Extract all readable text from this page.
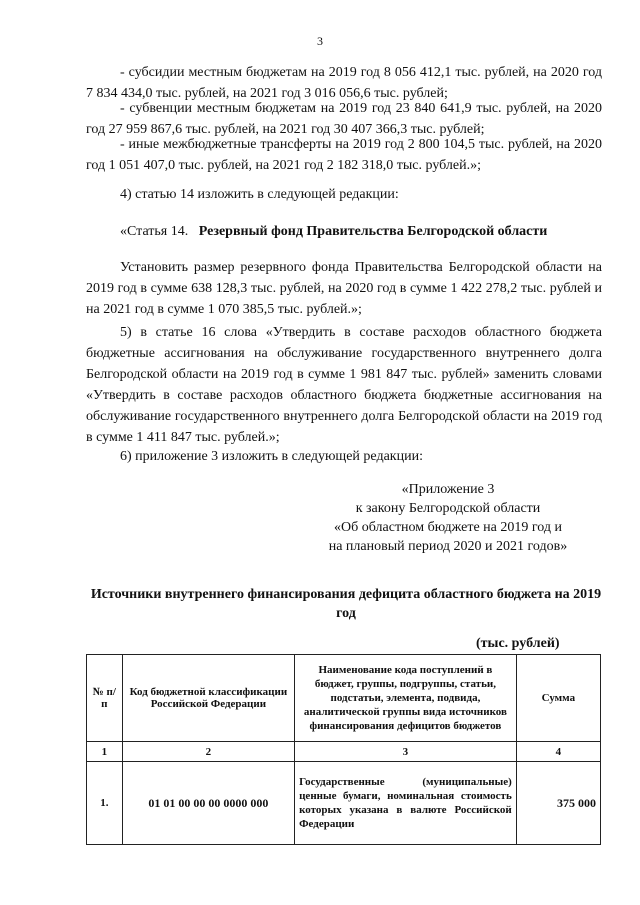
3

- субсидии местным бюджетам на 2019 год 8 056 412,1 тыс. рублей, на 2020 год 7 834 434,0 тыс. рублей, на 2021 год 3 016 056,6 тыс. рублей;

- субвенции местным бюджетам на 2019 год 23 840 641,9 тыс. рублей, на 2020 год 27 959 867,6 тыс. рублей, на 2021 год 30 407 366,3 тыс. рублей;

- иные межбюджетные трансферты на 2019 год 2 800 104,5 тыс. рублей, на 2020 год 1 051 407,0 тыс. рублей, на 2021 год 2 182 318,0 тыс. рублей.»;

4) статью 14 изложить в следующей редакции:

«Статья 14. Резервный фонд Правительства Белгородской области

Установить размер резервного фонда Правительства Белгородской области на 2019 год в сумме 638 128,3 тыс. рублей, на 2020 год в сумме 1 422 278,2 тыс. рублей и на 2021 год в сумме 1 070 385,5 тыс. рублей.»;

5) в статье 16 слова «Утвердить в составе расходов областного бюджета бюджетные ассигнования на обслуживание государственного внутреннего долга Белгородской области на 2019 год в сумме 1 981 847 тыс. рублей» заменить словами «Утвердить в составе расходов областного бюджета бюджетные ассигнования на обслуживание государственного внутреннего долга Белгородской области на 2019 год в сумме 1 411 847 тыс. рублей.»;

6) приложение 3 изложить в следующей редакции:

«Приложение 3
к закону Белгородской области
«Об областном бюджете на 2019 год и
на плановый период 2020 и 2021 годов»
Источники внутреннего финансирования дефицита областного бюджета на 2019 год
(тыс. рублей)
№ п/п	Код бюджетной классификации Российской Федерации	Наименование кода поступлений в бюджет, группы, подгруппы, статьи, подстатьи, элемента, подвида, аналитической группы вида источников финансирования дефицитов бюджетов	Сумма
1	2	3	4
1.	01 01 00 00 00 0000 000	Государственные (муниципальные) ценные бумаги, номинальная стоимость которых указана в валюте Российской Федерации	375 000
